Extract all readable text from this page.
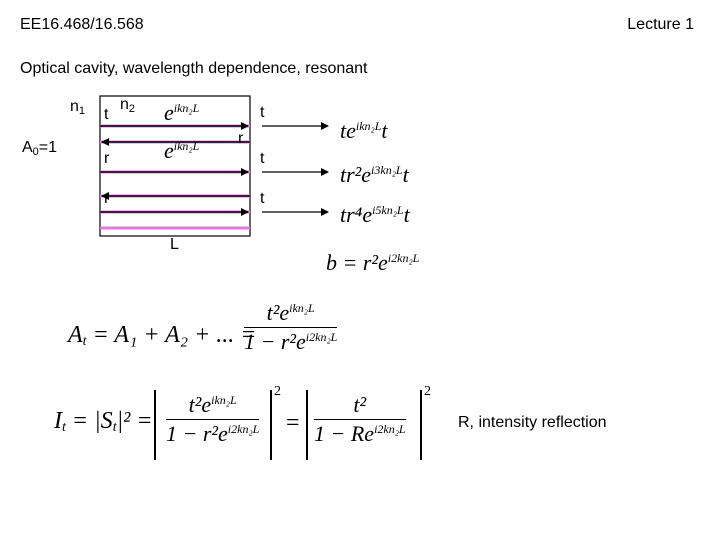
EE16.468/16.568	Lecture 1
Optical cavity, wavelength dependence, resonant
$n_1$ $n_2$
t
$A_0=1$
r
r
t
r
t
t
L
$e^{ikn_2L}$
$e^{ikn_2L}$
$te^{ikn_2L}t$
$tr^2e^{i3kn_2L}t$
$tr^4e^{i5kn_2L}t$
$b = r^2e^{i2kn_2L}$
$A_t = A_1 + A_2$ + ... =
$t^2e^{ikn_2L}$
$1 - r^2e^{i2kn_2L}$
$I_t = |S_t|^2$ =
$t^2e^{ikn_2L}$
$1 - r^2e^{i2kn_2L}$
2
=
t²
$1 - Re^{i2kn_2L}$
2
R, intensity reflection
